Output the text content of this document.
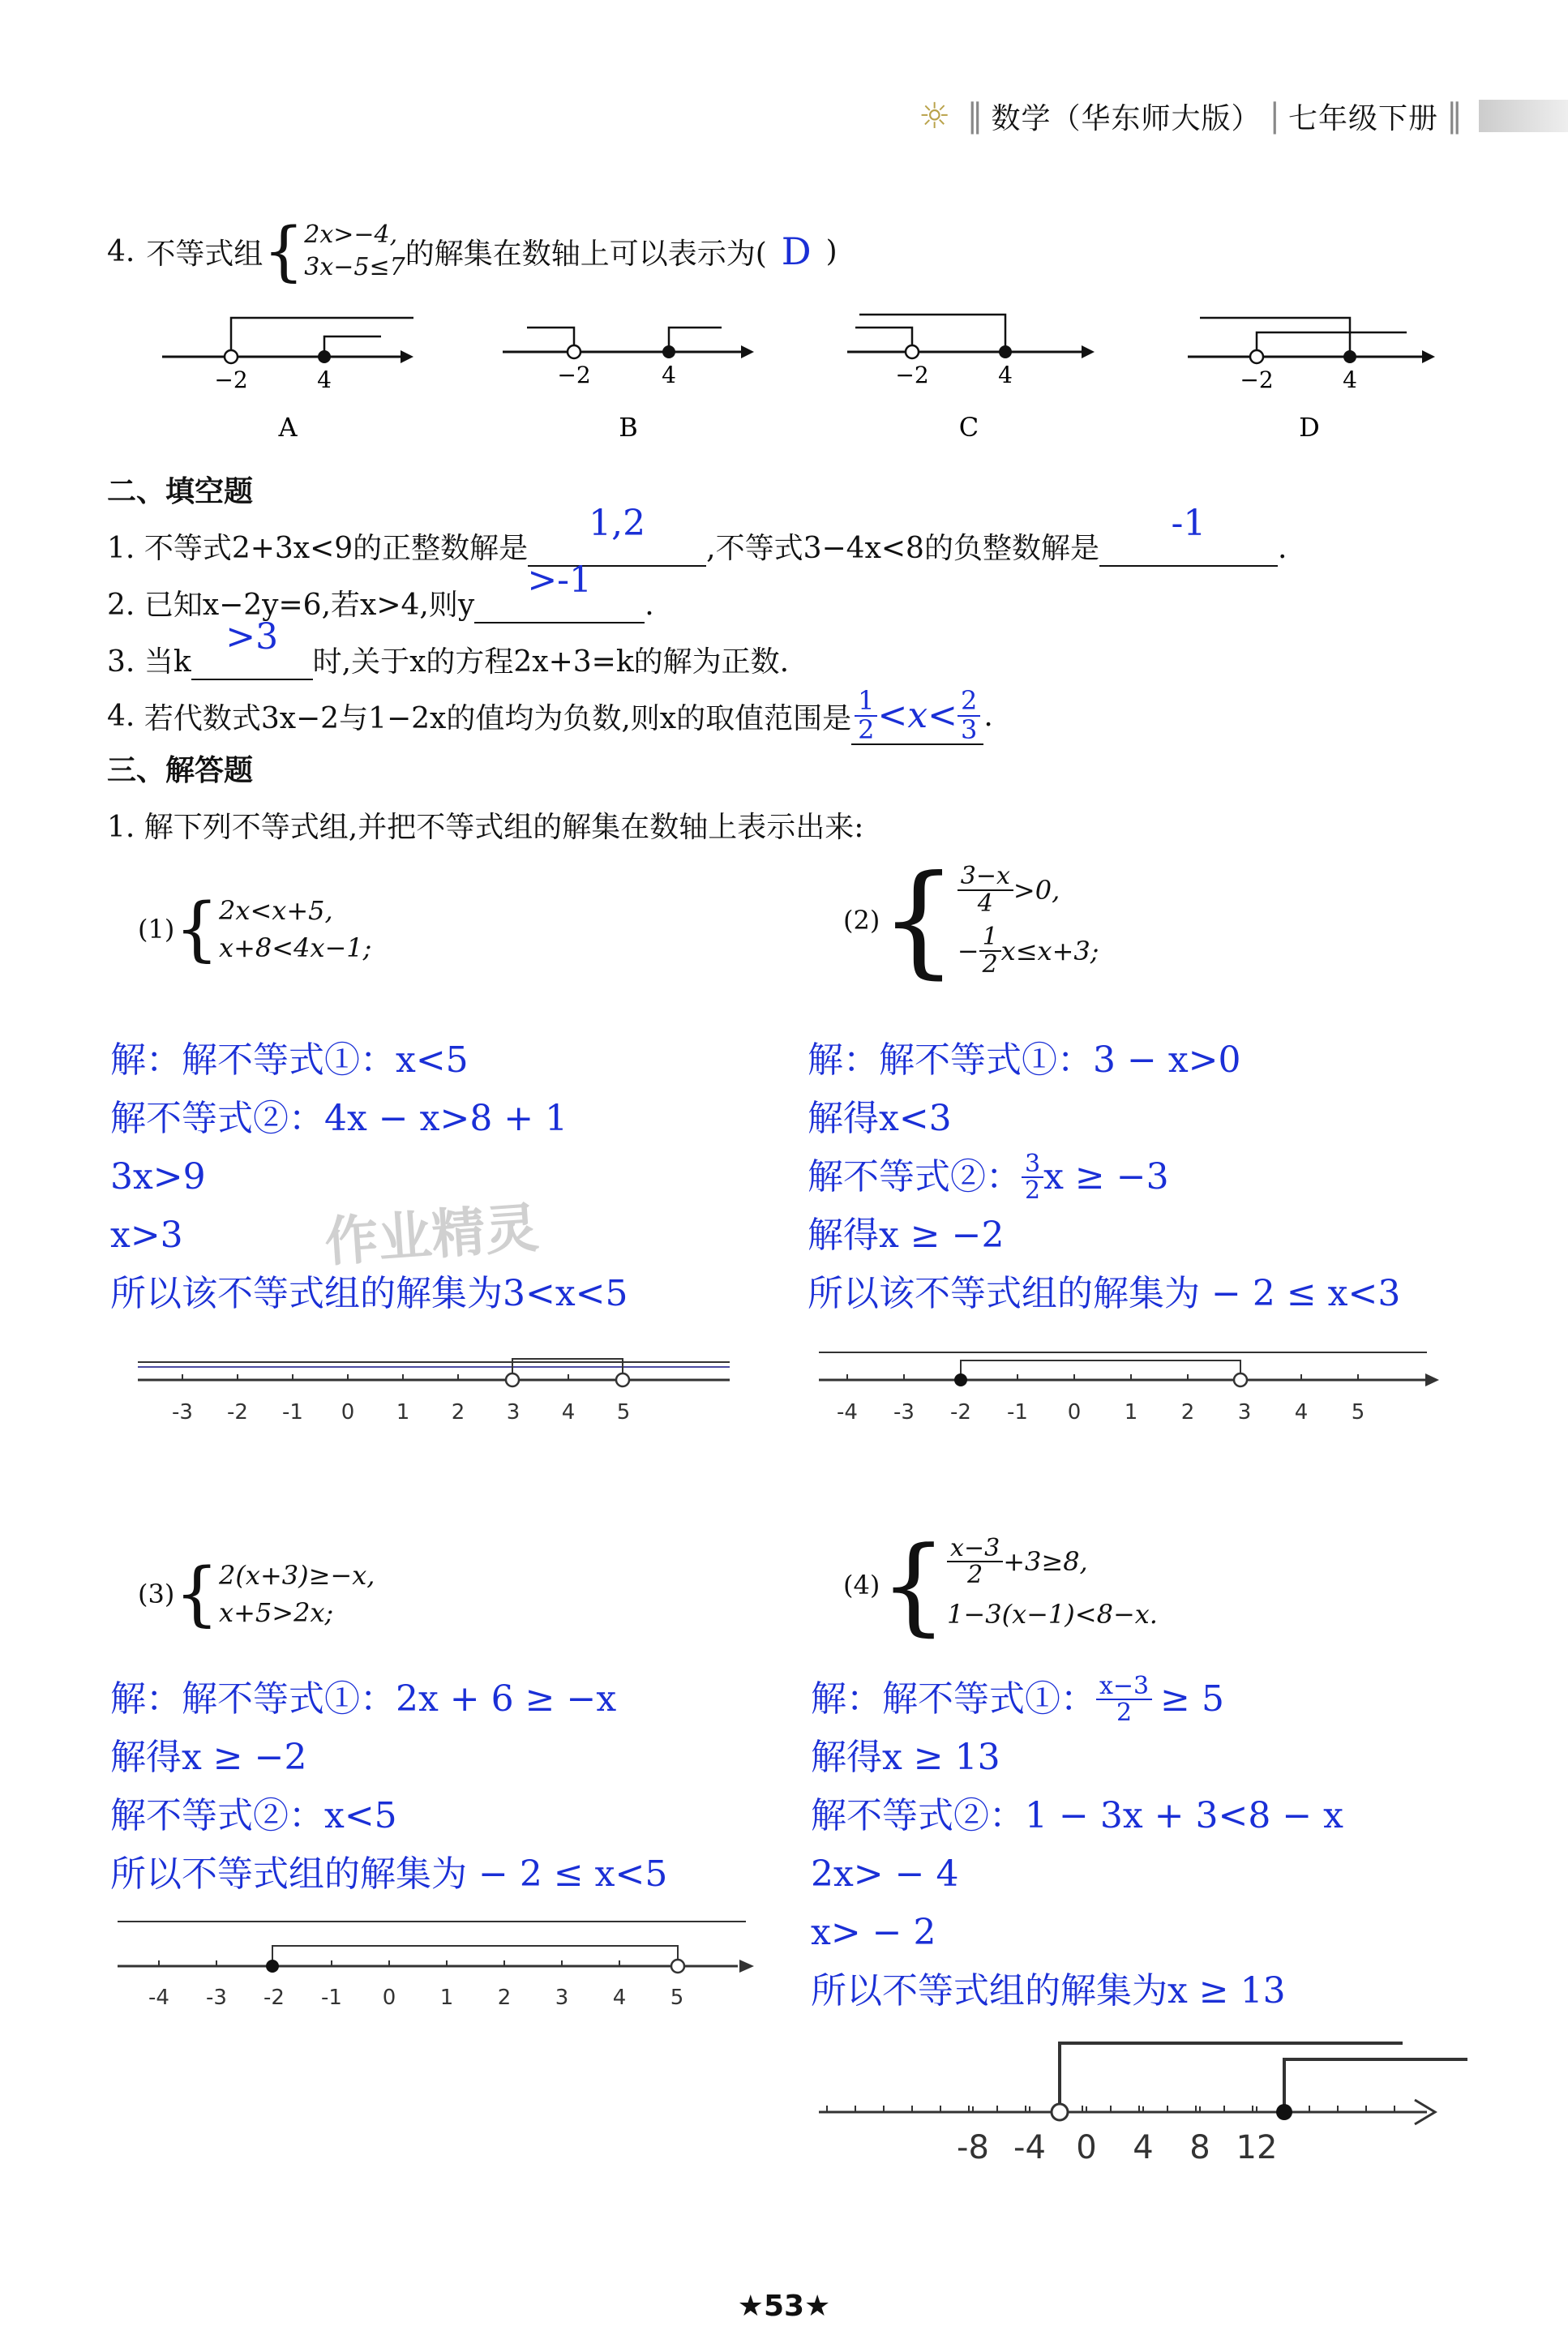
☼ ‖ 数学（华东师大版） | 七年级下册 ‖
4. 不等式组 { 2x>−4,
3x−5≤7 的解集在数轴上可以表示为( D )
−2	4
A
−2	4
B
−2	4
C
−2	4
D
二、填空题
1. 不等式2+3x<9的正整数解是
1,2
,不等式3−4x<8的负整数解是
-1
.
2. 已知x−2y=6,若x>4,则y
>-1
.
3. 当k
>3
时,关于x的方程2x+3=k的解为正数.
4.
若代数式3x−2与1−2x的值均为负数,则x的取值范围是 $\frac{1}{2} <x< \frac{2}{3}$ .
三、解答题
1. 解下列不等式组,并把不等式组的解集在数轴上表示出来:
(1) { 2x<x+5,
x+8<4x−1;
(2) { $\frac{3-x}{4} >0$,
− $\frac{1}{2} x\le x+3$;
解：解不等式①：x<5
解不等式②：4x − x>8 + 1
3x>9
x>3
所以该不等式组的解集为3<x<5
作业精灵
解：解不等式①：3 − x>0
解得x<3
解不等式②： $\frac{3}{2}$ x ≥ −3
解得x ≥ −2
所以该不等式组的解集为 − 2 ≤ x<3
-3 -2 -1 0 1 2 3 4 5	-4 -3 -2 -1 0 1 2 3 4 5
(3) { 2(x+3)≥−x,
x+5>2x;
(4) { $\frac{x-3}{2} +3\ge 8$,
1−3(x−1)<8−x.
解：解不等式①：2x + 6 ≥ −x
解得x ≥ −2
解不等式②：x<5
所以不等式组的解集为 − 2 ≤ x<5
解：解不等式①： $\frac{x-3}{2} \ge 5$
解得x ≥ 13
解不等式②：1 − 3x + 3<8 − x
2x> − 4
x> − 2
所以不等式组的解集为x ≥ 13
-4 -3 -2 -1 0 1 2 3 4 5
-8 -4 0 4 8 12
★53★
